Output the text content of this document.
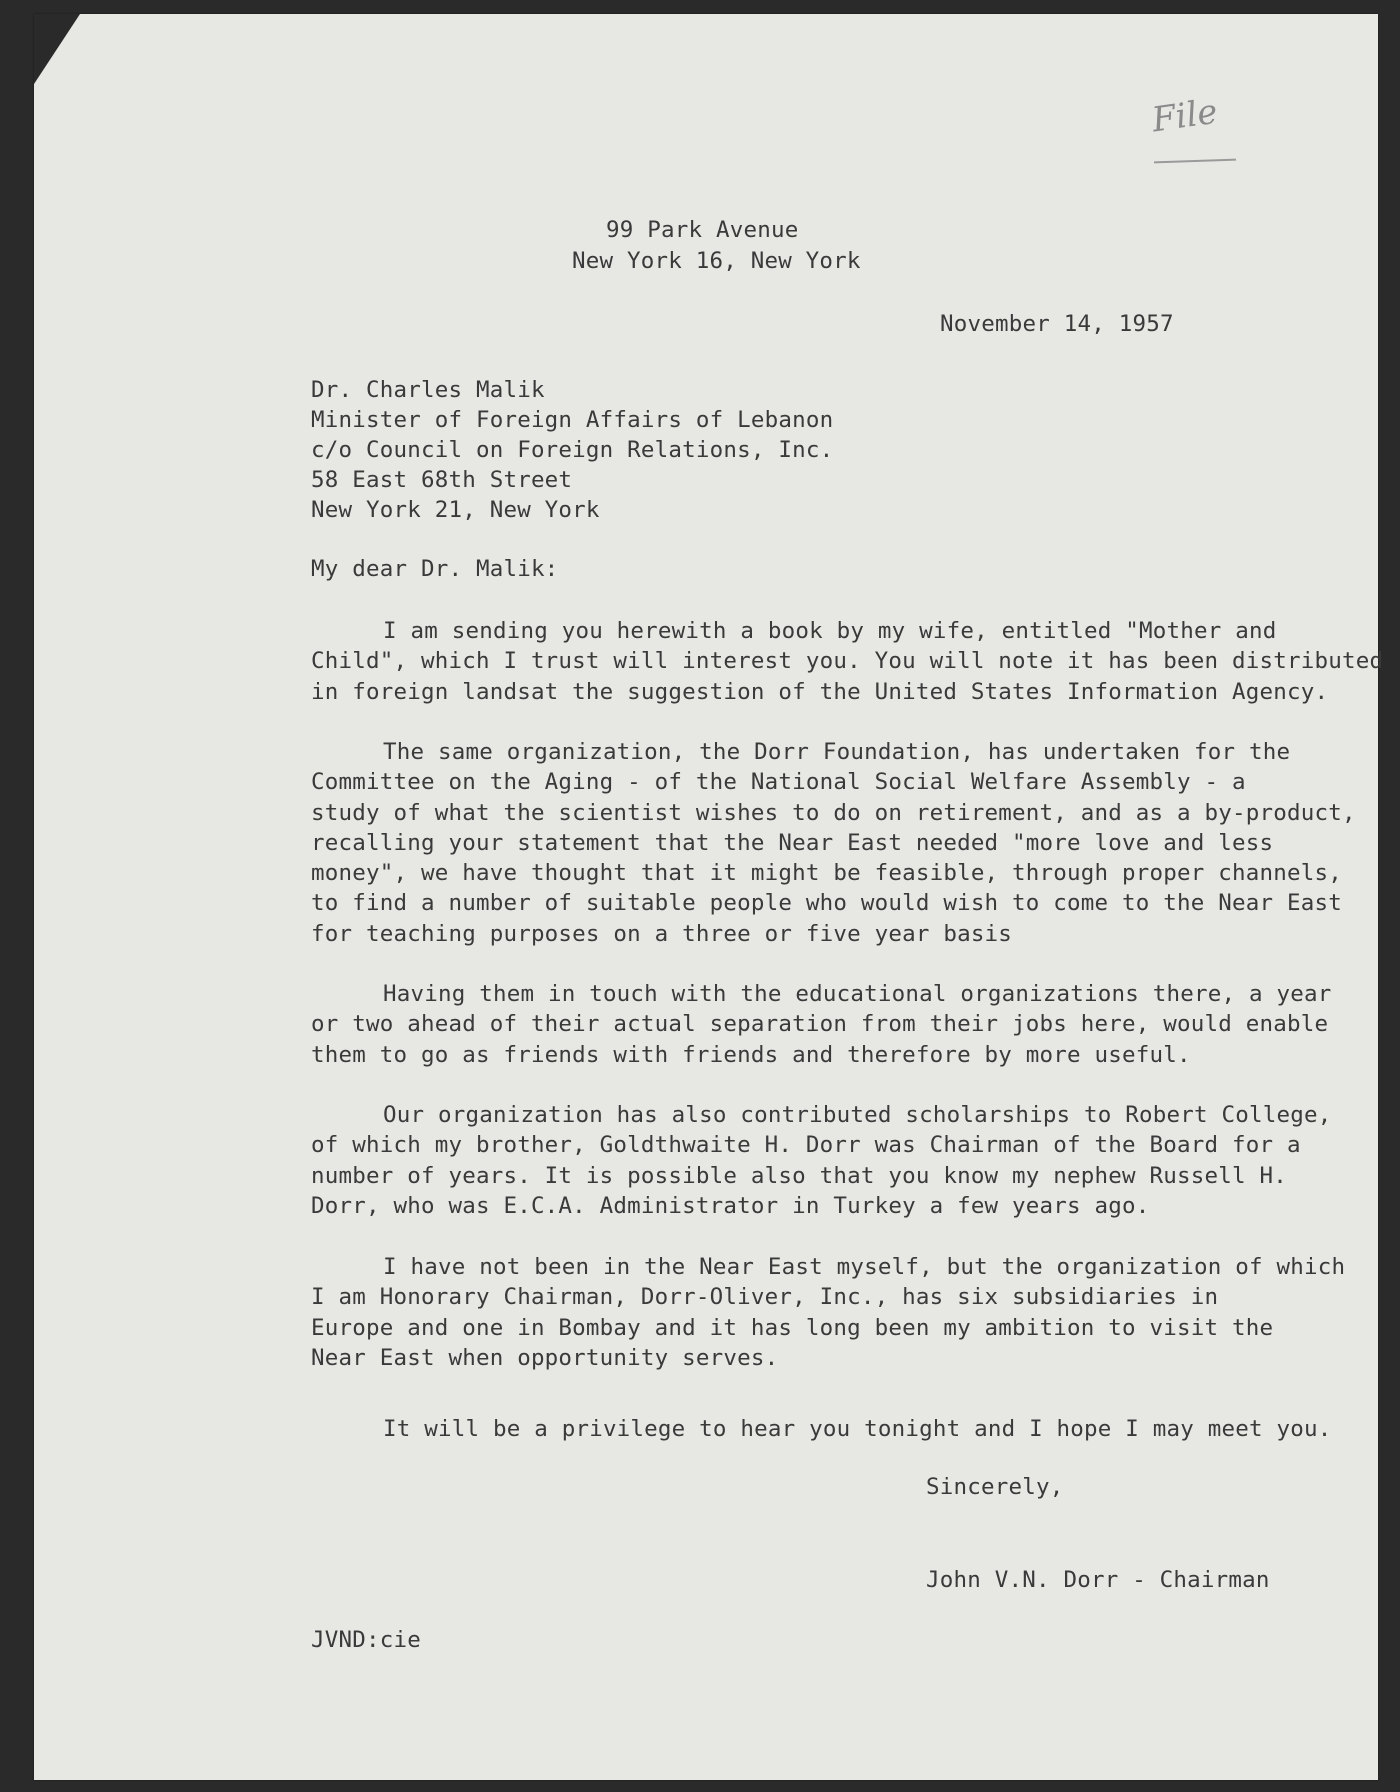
File
99 Park Avenue
New York 16, New York
November 14, 1957
Dr. Charles Malik
Minister of Foreign Affairs of Lebanon
c/o Council on Foreign Relations, Inc.
58 East 68th Street
New York 21, New York
My dear Dr. Malik:
I am sending you herewith a book by my wife, entitled "Mother and
Child", which I trust will interest you. You will note it has been distributed
in foreign landsat the suggestion of the United States Information Agency.
The same organization, the Dorr Foundation, has undertaken for the
Committee on the Aging - of the National Social Welfare Assembly - a
study of what the scientist wishes to do on retirement, and as a by-product,
recalling your statement that the Near East needed "more love and less
money", we have thought that it might be feasible, through proper channels,
to find a number of suitable people who would wish to come to the Near East
for teaching purposes on a three or five year basis
Having them in touch with the educational organizations there, a year
or two ahead of their actual separation from their jobs here, would enable
them to go as friends with friends and therefore by more useful.
Our organization has also contributed scholarships to Robert College,
of which my brother, Goldthwaite H. Dorr was Chairman of the Board for a
number of years. It is possible also that you know my nephew Russell H.
Dorr, who was E.C.A. Administrator in Turkey a few years ago.
I have not been in the Near East myself, but the organization of which
I am Honorary Chairman, Dorr-Oliver, Inc., has six subsidiaries in
Europe and one in Bombay and it has long been my ambition to visit the
Near East when opportunity serves.
It will be a privilege to hear you tonight and I hope I may meet you.
Sincerely,
John V.N. Dorr - Chairman
JVND:cie
